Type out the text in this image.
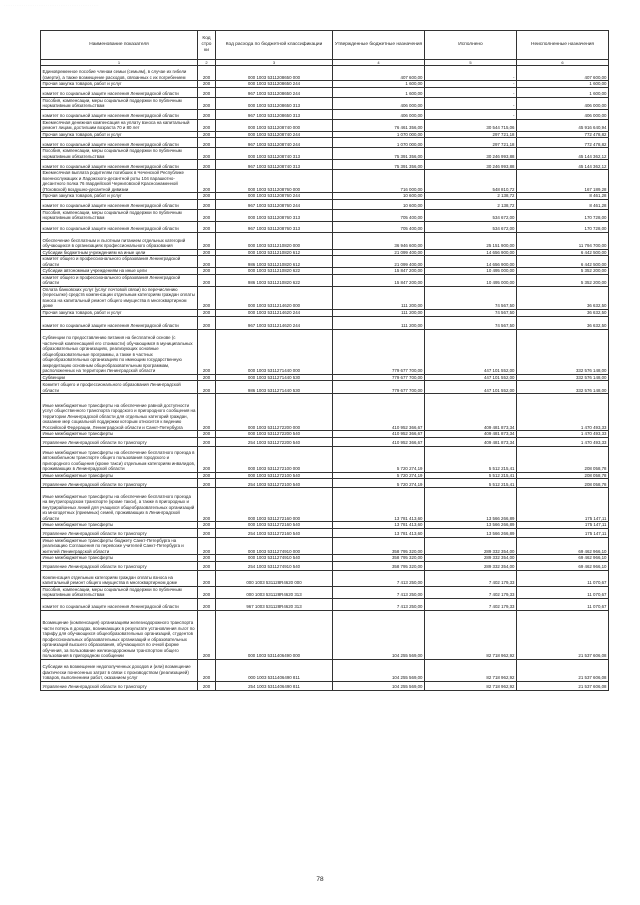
....................................................
Наименование показателя	Код стро ки	Код расхода по бюджетной классификации	Утвержденные бюджетные назначения	Исполнено	Неисполненные назначения
1	2	3	4	5	6
Единовременное пособие членам семьи (семьям), в случае их гибели (смерти), а также возмещение расходов, связанных с их погребением	200	000 1003 5311208650 000	407 600,00	-	407 600,00
Прочая закупка товаров, работ и услуг	200	000 1003 5311208650 244	1 600,00	-	1 600,00
комитет по социальной защите населения Ленинградской области	200	967 1003 5311208650 244	1 600,00	-	1 600,00
Пособия, компенсации, меры социальной поддержки по публичным нормативным обязательствам	200	000 1003 5311208650 313	406 000,00	-	406 000,00
комитет по социальной защите населения Ленинградской области	200	967 1003 5311208650 313	406 000,00	-	406 000,00
Ежемесячная денежная компенсация на уплату взноса на капитальный ремонт лицам, достигшим возраста 70 и 80 лет	200	000 1003 5311208740 000	76 461 356,00	30 544 715,06	45 916 640,94
Прочая закупка товаров, работ и услуг	200	000 1003 5311208740 244	1 070 000,00	297 721,18	772 478,82
комитет по социальной защите населения Ленинградской области	200	967 1003 5311208740 244	1 070 000,00	297 721,18	772 478,82
Пособия, компенсации, меры социальной поддержки по публичным нормативным обязательствам	200	000 1003 5311208740 313	75 391 356,00	30 246 993,88	45 144 362,12
комитет по социальной защите населения Ленинградской области	200	967 1003 5311208740 313	75 391 356,00	30 246 993,88	45 144 362,12
Ежемесячная выплата родителям погибших в Чеченской Республике военнослужащих и Ладожского-десантной роты 104 парашютно-десантного полка 76 гвардейской Черниговской Краснознаменной (Псковской) воздушно-десантной дивизии	200	000 1003 5311208760 000	716 000,00	548 810,72	167 189,28
Прочая закупка товаров, работ и услуг	200	000 1003 5311208760 244	10 600,00	2 138,72	8 461,28
комитет по социальной защите населения Ленинградской области	200	967 1003 5311208760 244	10 600,00	2 138,72	8 461,28
Пособия, компенсации, меры социальной поддержки по публичным нормативным обязательствам	200	000 1003 5311208760 313	705 400,00	534 672,00	170 728,00
комитет по социальной защите населения Ленинградской области	200	967 1003 5311208760 313	705 400,00	534 672,00	170 728,00
Обеспечение бесплатным и льготным питанием отдельных категорий обучающихся в организациях профессионального образования	200	000 1003 5311210820 000	36 946 600,00	25 151 900,00	11 794 700,00
Субсидии бюджетным учреждениям на иные цели	200	000 1003 5311210820 612	21 099 400,00	14 656 900,00	6 442 500,00
комитет общего и профессионального образования Ленинградской области	200	986 1003 5311210820 612	21 099 400,00	14 656 900,00	6 442 500,00
Субсидии автономным учреждениям на иные цели	200	000 1003 5311210820 622	15 847 200,00	10 495 000,00	5 352 200,00
комитет общего и профессионального образования Ленинградской области	200	986 1003 5311210820 622	15 847 200,00	10 495 000,00	5 352 200,00
Оплата банковских услуг (услуг почтовой связи) по перечислению (пересылке) средств компенсации отдельным категориям граждан оплаты взноса на капитальный ремонт общего имущества в многоквартирном доме	200	000 1003 5311214620 000	111 200,00	74 567,50	36 632,50
Прочая закупка товаров, работ и услуг	200	000 1003 5311214620 244	111 200,00	74 567,50	36 632,50
комитет по социальной защите населения Ленинградской области	200	967 1003 5311214620 244	111 200,00	74 567,50	36 632,50
Субвенции по предоставлению питания на бесплатной основе (с частичной компенсацией его стоимости) обучающимся в муниципальных образовательных организациях, реализующих основные общеобразовательные программы, а также в частных общеобразовательных организациях по имеющим государственную аккредитацию основным общеобразовательным программам, расположенных на территории Ленинградской области	200	000 1003 5311271440 000	779 677 700,00	447 101 552,00	332 576 148,00
Субвенции	200	000 1003 5311271440 530	779 677 700,00	447 101 552,00	332 576 148,00
Комитет общего и профессионального образования Ленинградской области	200	986 1003 5311271440 530	779 677 700,00	447 101 552,00	332 576 148,00
Иные межбюджетные трансферты на обеспечение равной доступности услуг общественного транспорта городского и пригородного сообщения на территории Ленинградской области для отдельных категорий граждан, оказание мер социальной поддержки которым относится к ведению Российской Федерации, Ленинградской области и Санкт-Петербурга	200	000 1003 5311272200 000	410 952 366,67	409 481 873,34	1 470 493,33
Иные межбюджетные трансферты	200	000 1003 5311272200 540	410 952 366,67	409 481 873,34	1 470 493,33
Управление Ленинградской области по транспорту	200	254 1003 5311272200 540	410 952 366,67	409 481 873,34	1 470 493,33
Иные межбюджетные трансферты на обеспечение бесплатного проезда в автомобильном транспорте общего пользования городского и пригородного сообщения (кроме такси) отдельным категориям инвалидов, проживающих в Ленинградской области	200	000 1003 5311272100 000	5 720 274,19	5 512 215,41	208 058,78
Иные межбюджетные трансферты	200	000 1003 5311272100 540	5 720 274,19	5 512 215,41	208 058,78
Управление Ленинградской области по транспорту	200	254 1003 5311272100 540	5 720 274,19	5 512 215,41	208 058,78
Иные межбюджетные трансферты на обеспечение бесплатного проезда на внутригородском транспорте (кроме такси), а также в пригородных и внутрирайонных линий для учащихся общеобразовательных организаций из многодетных (приемных) семей, проживающих в Ленинградской области	200	000 1003 5311272160 000	13 781 413,60	13 566 266,89	175 147,11
Иные межбюджетные трансферты	200	000 1003 5311272160 540	13 781 413,60	13 566 266,89	175 147,11
Управление Ленинградской области по транспорту	200	254 1003 5311272160 540	13 781 413,60	13 566 266,89	175 147,11
Иные межбюджетные трансферты бюджету Санкт-Петербурга на реализацию Соглашения по перевозке учителей Санкт-Петербурга и жителей Ленинградской области	200	000 1003 5311274910 000	358 795 320,00	289 332 354,00	69 462 966,10
Иные межбюджетные трансферты	200	000 1003 5311274910 540	358 795 320,00	289 332 354,00	69 462 966,10
Управление Ленинградской области по транспорту	200	254 1003 5311274910 540	358 795 320,00	289 332 354,00	69 462 966,10
Компенсация отдельным категориям граждан оплаты взноса на капитальный ремонт общего имущества в многоквартирном доме	200	000 1003 531128R4620 000	7 413 250,00	7 402 179,33	11 070,67
Пособия, компенсации, меры социальной поддержки по публичным нормативным обязательствам	200	000 1003 531128R4620 313	7 413 250,00	7 402 179,33	11 070,67
комитет по социальной защите населения Ленинградской области	200	967 1003 531128R4620 313	7 413 250,00	7 402 179,33	11 070,67
Возмещение (компенсация) организациям железнодорожного транспорта части потерь в доходах, возникающих в результате установления льгот по тарифу для обучающихся общеобразовательных организаций, студентов профессиональных образовательных организаций и образовательных организаций высшего образования, обучающихся по очной форме обучения, за пользование железнодорожным транспортом общего пользования в пригородном сообщении	200	000 1003 5311406490 000	104 255 569,00	82 718 962,92	21 537 606,08
Субсидии на возмещение недополученных доходов и (или) возмещение фактически понесенных затрат в связи с производством (реализацией) товаров, выполнением работ, оказанием услуг	200	000 1003 5311406490 811	104 255 569,00	82 718 962,92	21 537 606,08
Управление Ленинградской области по транспорту	200	254 1003 5311406490 811	104 255 569,00	82 718 962,92	21 537 606,08
78
